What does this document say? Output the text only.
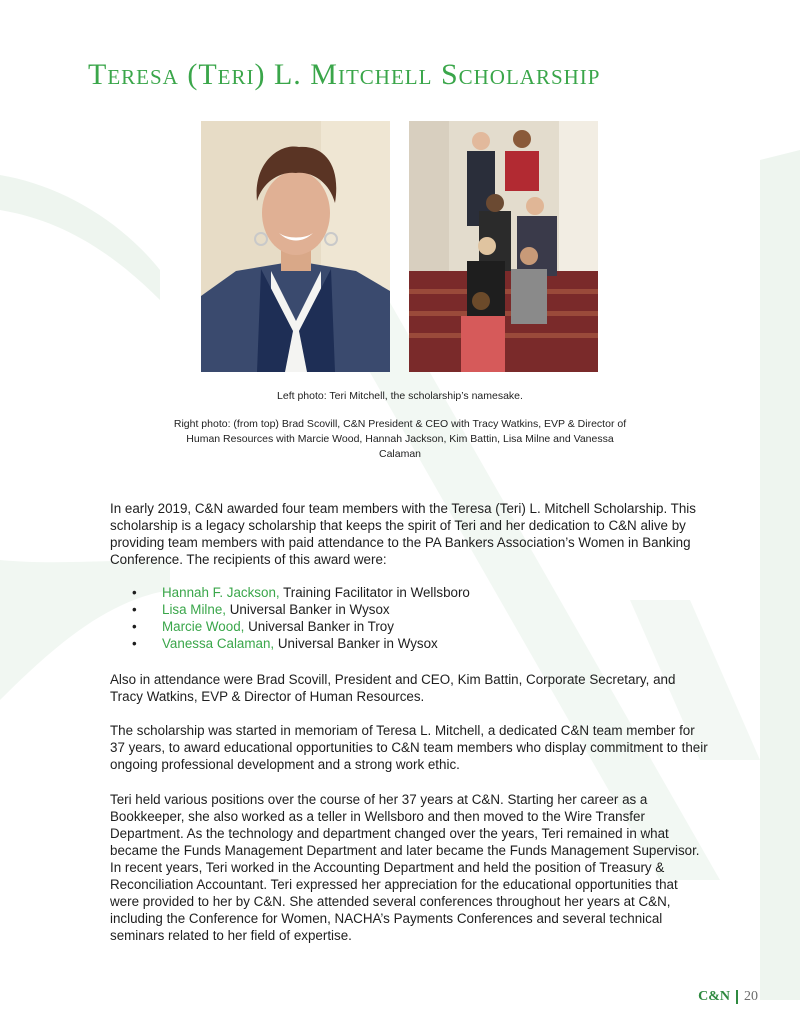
Teresa (Teri) L. Mitchell Scholarship
Left photo: Teri Mitchell, the scholarship’s namesake.
Right photo: (from top) Brad Scovill, C&N President & CEO with Tracy Watkins, EVP & Director of Human Resources with Marcie Wood, Hannah Jackson, Kim Battin, Lisa Milne and Vanessa Calaman

In early 2019, C&N awarded four team members with the Teresa (Teri) L. Mitchell Scholarship. This scholarship is a legacy scholarship that keeps the spirit of Teri and her dedication to C&N alive by providing team members with paid attendance to the PA Bankers Association’s Women in Banking Conference. The recipients of this award were:

• Hannah F. Jackson, Training Facilitator in Wellsboro
• Lisa Milne, Universal Banker in Wysox
• Marcie Wood, Universal Banker in Troy
• Vanessa Calaman, Universal Banker in Wysox

Also in attendance were Brad Scovill, President and CEO, Kim Battin, Corporate Secretary, and Tracy Watkins, EVP & Director of Human Resources.

The scholarship was started in memoriam of Teresa L. Mitchell, a dedicated C&N team member for 37 years, to award educational opportunities to C&N team members who display commitment to their ongoing professional development and a strong work ethic.

Teri held various positions over the course of her 37 years at C&N. Starting her career as a Bookkeeper, she also worked as a teller in Wellsboro and then moved to the Wire Transfer Department. As the technology and department changed over the years, Teri remained in what became the Funds Management Department and later became the Funds Management Supervisor. In recent years, Teri worked in the Accounting Department and held the position of Treasury & Reconciliation Accountant. Teri expressed her appreciation for the educational opportunities that were provided to her by C&N. She attended several conferences throughout her years at C&N, including the Conference for Women, NACHA’s Payments Conferences and several technical seminars related to her field of expertise.

C&N 20
